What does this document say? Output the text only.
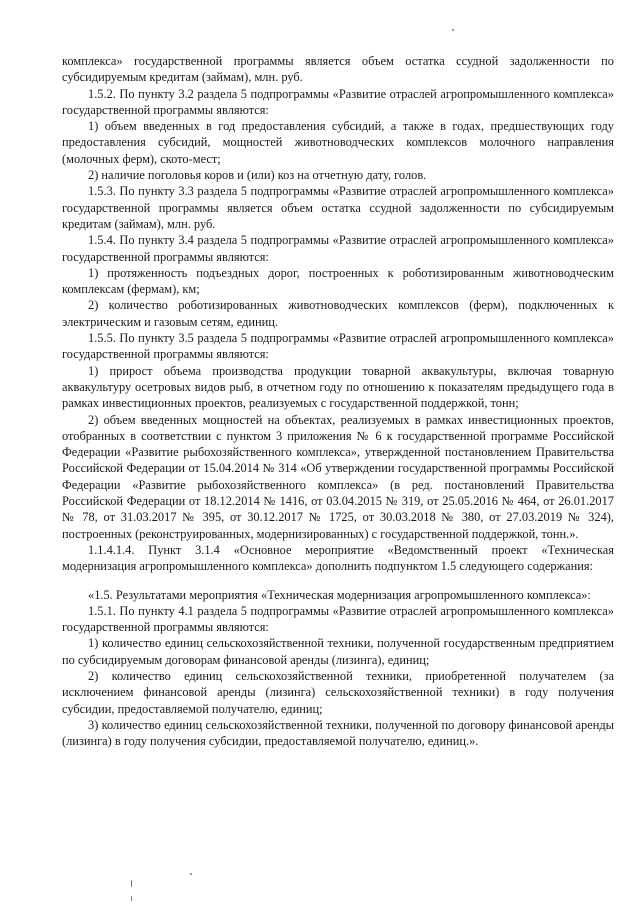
комплекса» государственной программы является объем остатка ссудной задолженности по субсидируемым кредитам (займам), млн. руб.

1.5.2. По пункту 3.2 раздела 5 подпрограммы «Развитие отраслей агропромышленного комплекса» государственной программы являются:

1) объем введенных в год предоставления субсидий, а также в годах, предшествующих году предоставления субсидий, мощностей животноводческих комплексов молочного направления (молочных ферм), ското-мест;

2) наличие поголовья коров и (или) коз на отчетную дату, голов.

1.5.3. По пункту 3.3 раздела 5 подпрограммы «Развитие отраслей агропромышленного комплекса» государственной программы является объем остатка ссудной задолженности по субсидируемым кредитам (займам), млн. руб.

1.5.4. По пункту 3.4 раздела 5 подпрограммы «Развитие отраслей агропромышленного комплекса» государственной программы являются:

1) протяженность подъездных дорог, построенных к роботизированным животноводческим комплексам (фермам), км;

2) количество роботизированных животноводческих комплексов (ферм), подключенных к электрическим и газовым сетям, единиц.

1.5.5. По пункту 3.5 раздела 5 подпрограммы «Развитие отраслей агропромышленного комплекса» государственной программы являются:

1) прирост объема производства продукции товарной аквакультуры, включая товарную аквакультуру осетровых видов рыб, в отчетном году по отношению к показателям предыдущего года в рамках инвестиционных проектов, реализуемых с государственной поддержкой, тонн;

2) объем введенных мощностей на объектах, реализуемых в рамках инвестиционных проектов, отобранных в соответствии с пунктом 3 приложения № 6 к государственной программе Российской Федерации «Развитие рыбохозяйственного комплекса», утвержденной постановлением Правительства Российской Федерации от 15.04.2014 № 314 «Об утверждении государственной программы Российской Федерации «Развитие рыбохозяйственного комплекса» (в ред. постановлений Правительства Российской Федерации от 18.12.2014 № 1416, от 03.04.2015 № 319, от 25.05.2016 № 464, от 26.01.2017 № 78, от 31.03.2017 № 395, от 30.12.2017 № 1725, от 30.03.2018 № 380, от 27.03.2019 № 324), построенных (реконструированных, модернизированных) с государственной поддержкой, тонн.».

1.1.4.1.4. Пункт 3.1.4 «Основное мероприятие «Ведомственный проект «Техническая модернизация агропромышленного комплекса» дополнить подпунктом 1.5 следующего содержания:

«1.5. Результатами мероприятия «Техническая модернизация агропромышленного комплекса»:

1.5.1. По пункту 4.1 раздела 5 подпрограммы «Развитие отраслей агропромышленного комплекса» государственной программы являются:

1) количество единиц сельскохозяйственной техники, полученной государственным предприятием по субсидируемым договорам финансовой аренды (лизинга), единиц;

2) количество единиц сельскохозяйственной техники, приобретенной получателем (за исключением финансовой аренды (лизинга) сельскохозяйственной техники) в году получения субсидии, предоставляемой получателю, единиц;

3) количество единиц сельскохозяйственной техники, полученной по договору финансовой аренды (лизинга) в году получения субсидии, предоставляемой получателю, единиц.».
